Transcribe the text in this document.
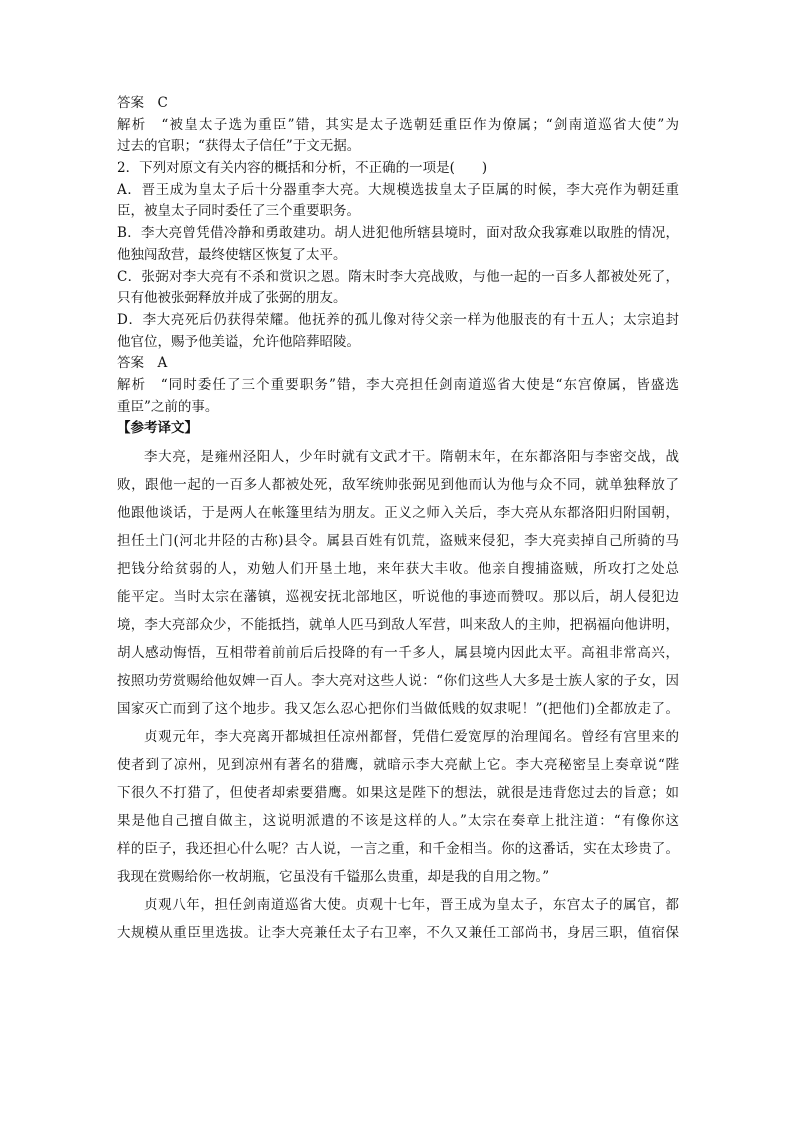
答案　C
解析　“被皇太子选为重臣”错，其实是太子选朝廷重臣作为僚属；“剑南道巡省大使”为
过去的官职；“获得太子信任”于文无据。
2．下列对原文有关内容的概括和分析，不正确的一项是(　　)
A．晋王成为皇太子后十分器重李大亮。大规模选拔皇太子臣属的时候，李大亮作为朝廷重
臣，被皇太子同时委任了三个重要职务。
B．李大亮曾凭借冷静和勇敢建功。胡人进犯他所辖县境时，面对敌众我寡难以取胜的情况，
他独闯敌营，最终使辖区恢复了太平。
C．张弼对李大亮有不杀和赏识之恩。隋末时李大亮战败，与他一起的一百多人都被处死了，
只有他被张弼释放并成了张弼的朋友。
D．李大亮死后仍获得荣耀。他抚养的孤儿像对待父亲一样为他服丧的有十五人；太宗追封
他官位，赐予他美谥，允许他陪葬昭陵。
答案　A
解析　“同时委任了三个重要职务”错，李大亮担任剑南道巡省大使是“东宫僚属，皆盛选
重臣”之前的事。
【参考译文】
李大亮，是雍州泾阳人，少年时就有文武才干。隋朝末年，在东都洛阳与李密交战，战
败，跟他一起的一百多人都被处死，敌军统帅张弼见到他而认为他与众不同，就单独释放了
他跟他谈话，于是两人在帐篷里结为朋友。正义之师入关后，李大亮从东都洛阳归附国朝，
担任土门(河北井陉的古称)县令。属县百姓有饥荒，盗贼来侵犯，李大亮卖掉自己所骑的马
把钱分给贫弱的人，劝勉人们开垦土地，来年获大丰收。他亲自搜捕盗贼，所攻打之处总
能平定。当时太宗在藩镇，巡视安抚北部地区，听说他的事迹而赞叹。那以后，胡人侵犯边
境，李大亮部众少，不能抵挡，就单人匹马到敌人军营，叫来敌人的主帅，把祸福向他讲明，
胡人感动悔悟，互相带着前前后后投降的有一千多人，属县境内因此太平。高祖非常高兴，
按照功劳赏赐给他奴婢一百人。李大亮对这些人说：“你们这些人大多是士族人家的子女，因
国家灭亡而到了这个地步。我又怎么忍心把你们当做低贱的奴隶呢！”(把他们)全都放走了。
贞观元年，李大亮离开都城担任凉州都督，凭借仁爱宽厚的治理闻名。曾经有宫里来的
使者到了凉州，见到凉州有著名的猎鹰，就暗示李大亮献上它。李大亮秘密呈上奏章说“陛
下很久不打猎了，但使者却索要猎鹰。如果这是陛下的想法，就很是违背您过去的旨意；如
果是他自己擅自做主，这说明派遣的不该是这样的人。”太宗在奏章上批注道：“有像你这
样的臣子，我还担心什么呢？古人说，一言之重，和千金相当。你的这番话，实在太珍贵了。
我现在赏赐给你一枚胡瓶，它虽没有千镒那么贵重，却是我的自用之物。”
贞观八年，担任剑南道巡省大使。贞观十七年，晋王成为皇太子，东宫太子的属官，都
大规模从重臣里选拔。让李大亮兼任太子右卫率，不久又兼任工部尚书，身居三职，值宿保
